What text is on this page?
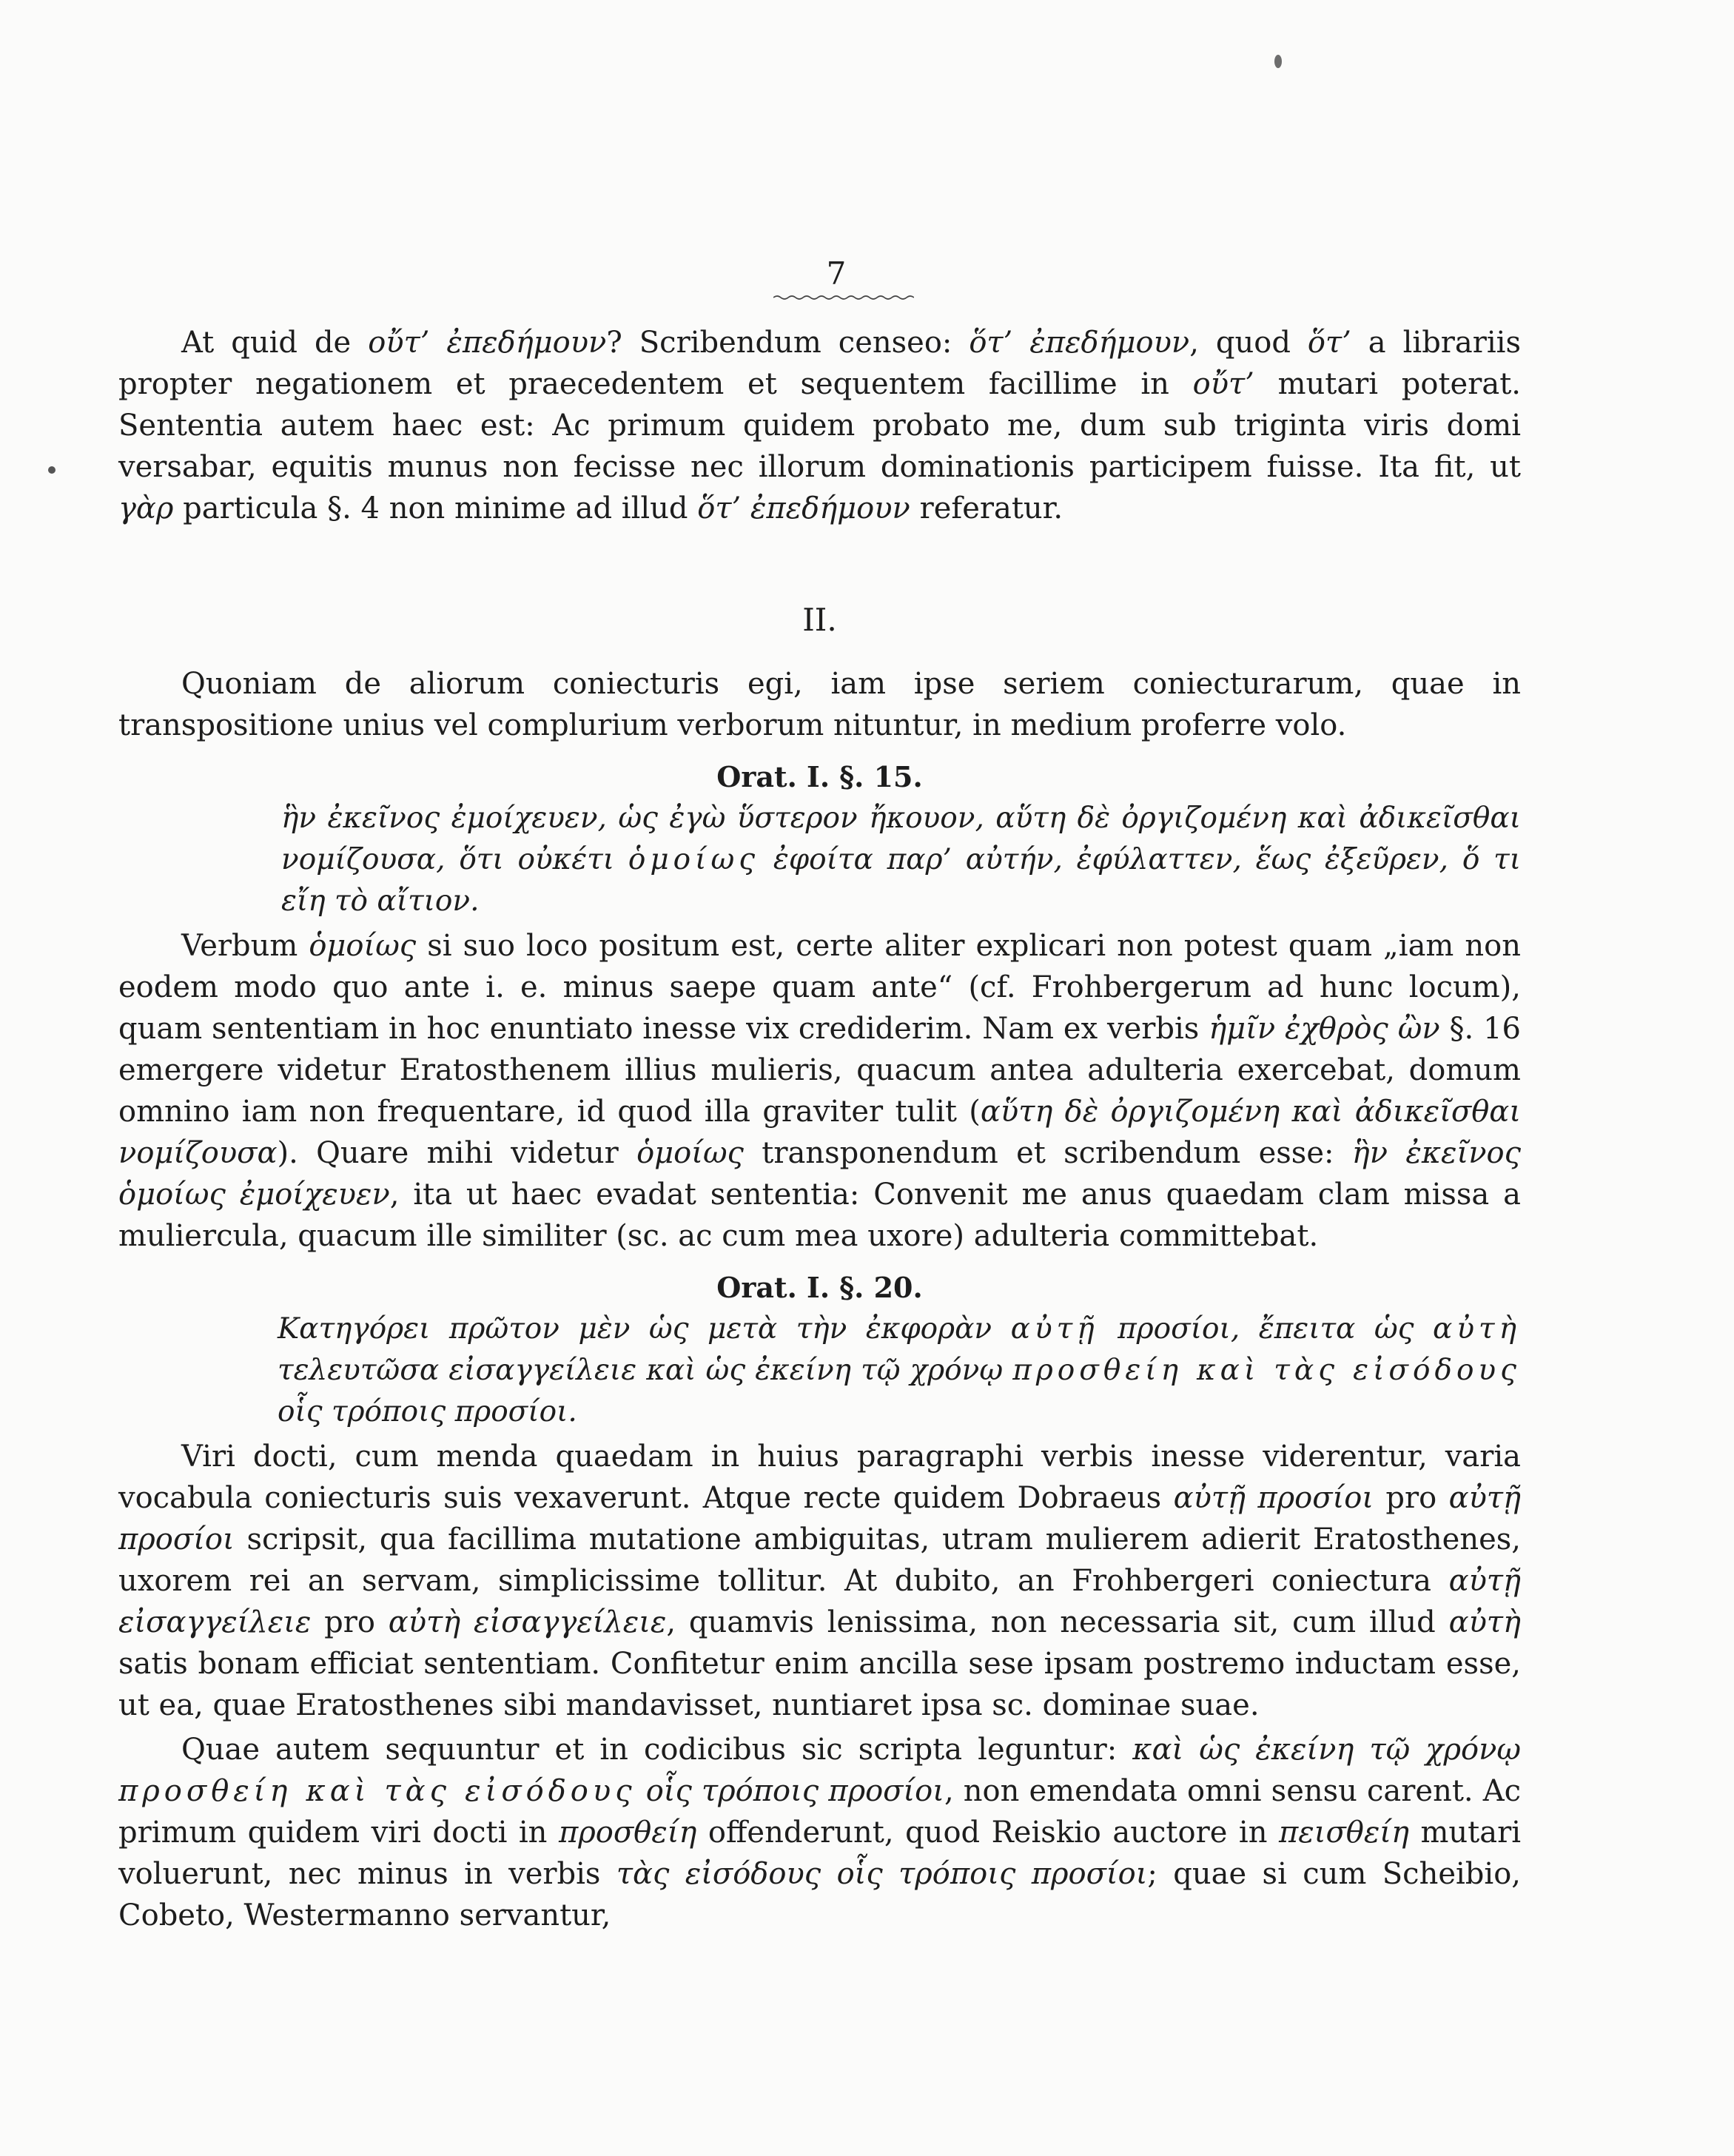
7

At quid de οὔτ’ ἐπεδήμουν? Scribendum censeo: ὅτ’ ἐπεδήμουν, quod ὅτ’ a librariis propter negationem et praecedentem et sequentem facillime in οὔτ’ mutari poterat. Sententia autem haec est: Ac primum quidem probato me, dum sub triginta viris domi versabar, equitis munus non fecisse nec illorum dominationis participem fuisse. Ita fit, ut γὰρ particula §. 4 non minime ad illud ὅτ’ ἐπεδήμουν referatur.

II.

Quoniam de aliorum coniecturis egi, iam ipse seriem coniecturarum, quae in transpositione unius vel complurium verborum nituntur, in medium proferre volo.

Orat. I. §. 15.

ἣν ἐκεῖνος ἐμοίχευεν, ὡς ἐγὼ ὕστερον ἤκουον, αὕτη δὲ ὀργιζομένη καὶ ἀδικεῖσθαι νομίζουσα, ὅτι οὐκέτι ὁμοίως ἐφοίτα παρ’ αὐτήν, ἐφύλαττεν, ἕως ἐξεῦρεν, ὅ τι εἴη τὸ αἴτιον.

Verbum ὁμοίως si suo loco positum est, certe aliter explicari non potest quam „iam non eodem modo quo ante i. e. minus saepe quam ante“ (cf. Frohbergerum ad hunc locum), quam sententiam in hoc enuntiato inesse vix crediderim. Nam ex verbis ἡμῖν ἐχθρὸς ὢν §. 16 emergere videtur Eratosthenem illius mulieris, quacum antea adulteria exercebat, domum omnino iam non frequentare, id quod illa graviter tulit (αὕτη δὲ ὀργιζομένη καὶ ἀδικεῖσθαι νομίζουσα). Quare mihi videtur ὁμοίως transponendum et scribendum esse: ἣν ἐκεῖνος ὁμοίως ἐμοίχευεν, ita ut haec evadat sententia: Convenit me anus quaedam clam missa a muliercula, quacum ille similiter (sc. ac cum mea uxore) adulteria committebat.

Orat. I. §. 20.

Κατηγόρει πρῶτον μὲν ὡς μετὰ τὴν ἐκφορὰν αὐτῇ προσίοι, ἔπειτα ὡς αὐτὴ τελευτῶσα εἰσαγγείλειε καὶ ὡς ἐκείνη τῷ χρόνῳ προσθείη καὶ τὰς εἰσόδους οἷς τρόποις προσίοι.

Viri docti, cum menda quaedam in huius paragraphi verbis inesse viderentur, varia vocabula coniecturis suis vexaverunt. Atque recte quidem Dobraeus αὐτῇ προσίοι pro αὐτῇ προσίοι scripsit, qua facillima mutatione ambiguitas, utram mulierem adierit Eratosthenes, uxorem rei an servam, simplicissime tollitur. At dubito, an Frohbergeri coniectura αὐτῇ εἰσαγγείλειε pro αὐτὴ εἰσαγγείλειε, quamvis lenissima, non necessaria sit, cum illud αὐτὴ satis bonam efficiat sententiam. Confitetur enim ancilla sese ipsam postremo inductam esse, ut ea, quae Eratosthenes sibi mandavisset, nuntiaret ipsa sc. dominae suae.

Quae autem sequuntur et in codicibus sic scripta leguntur: καὶ ὡς ἐκείνη τῷ χρόνῳ προσθείη καὶ τὰς εἰσόδους οἷς τρόποις προσίοι, non emendata omni sensu carent. Ac primum quidem viri docti in προσθείη offenderunt, quod Reiskio auctore in πεισθείη mutari voluerunt, nec minus in verbis τὰς εἰσόδους οἷς τρόποις προσίοι; quae si cum Scheibio, Cobeto, Westermanno servantur,
